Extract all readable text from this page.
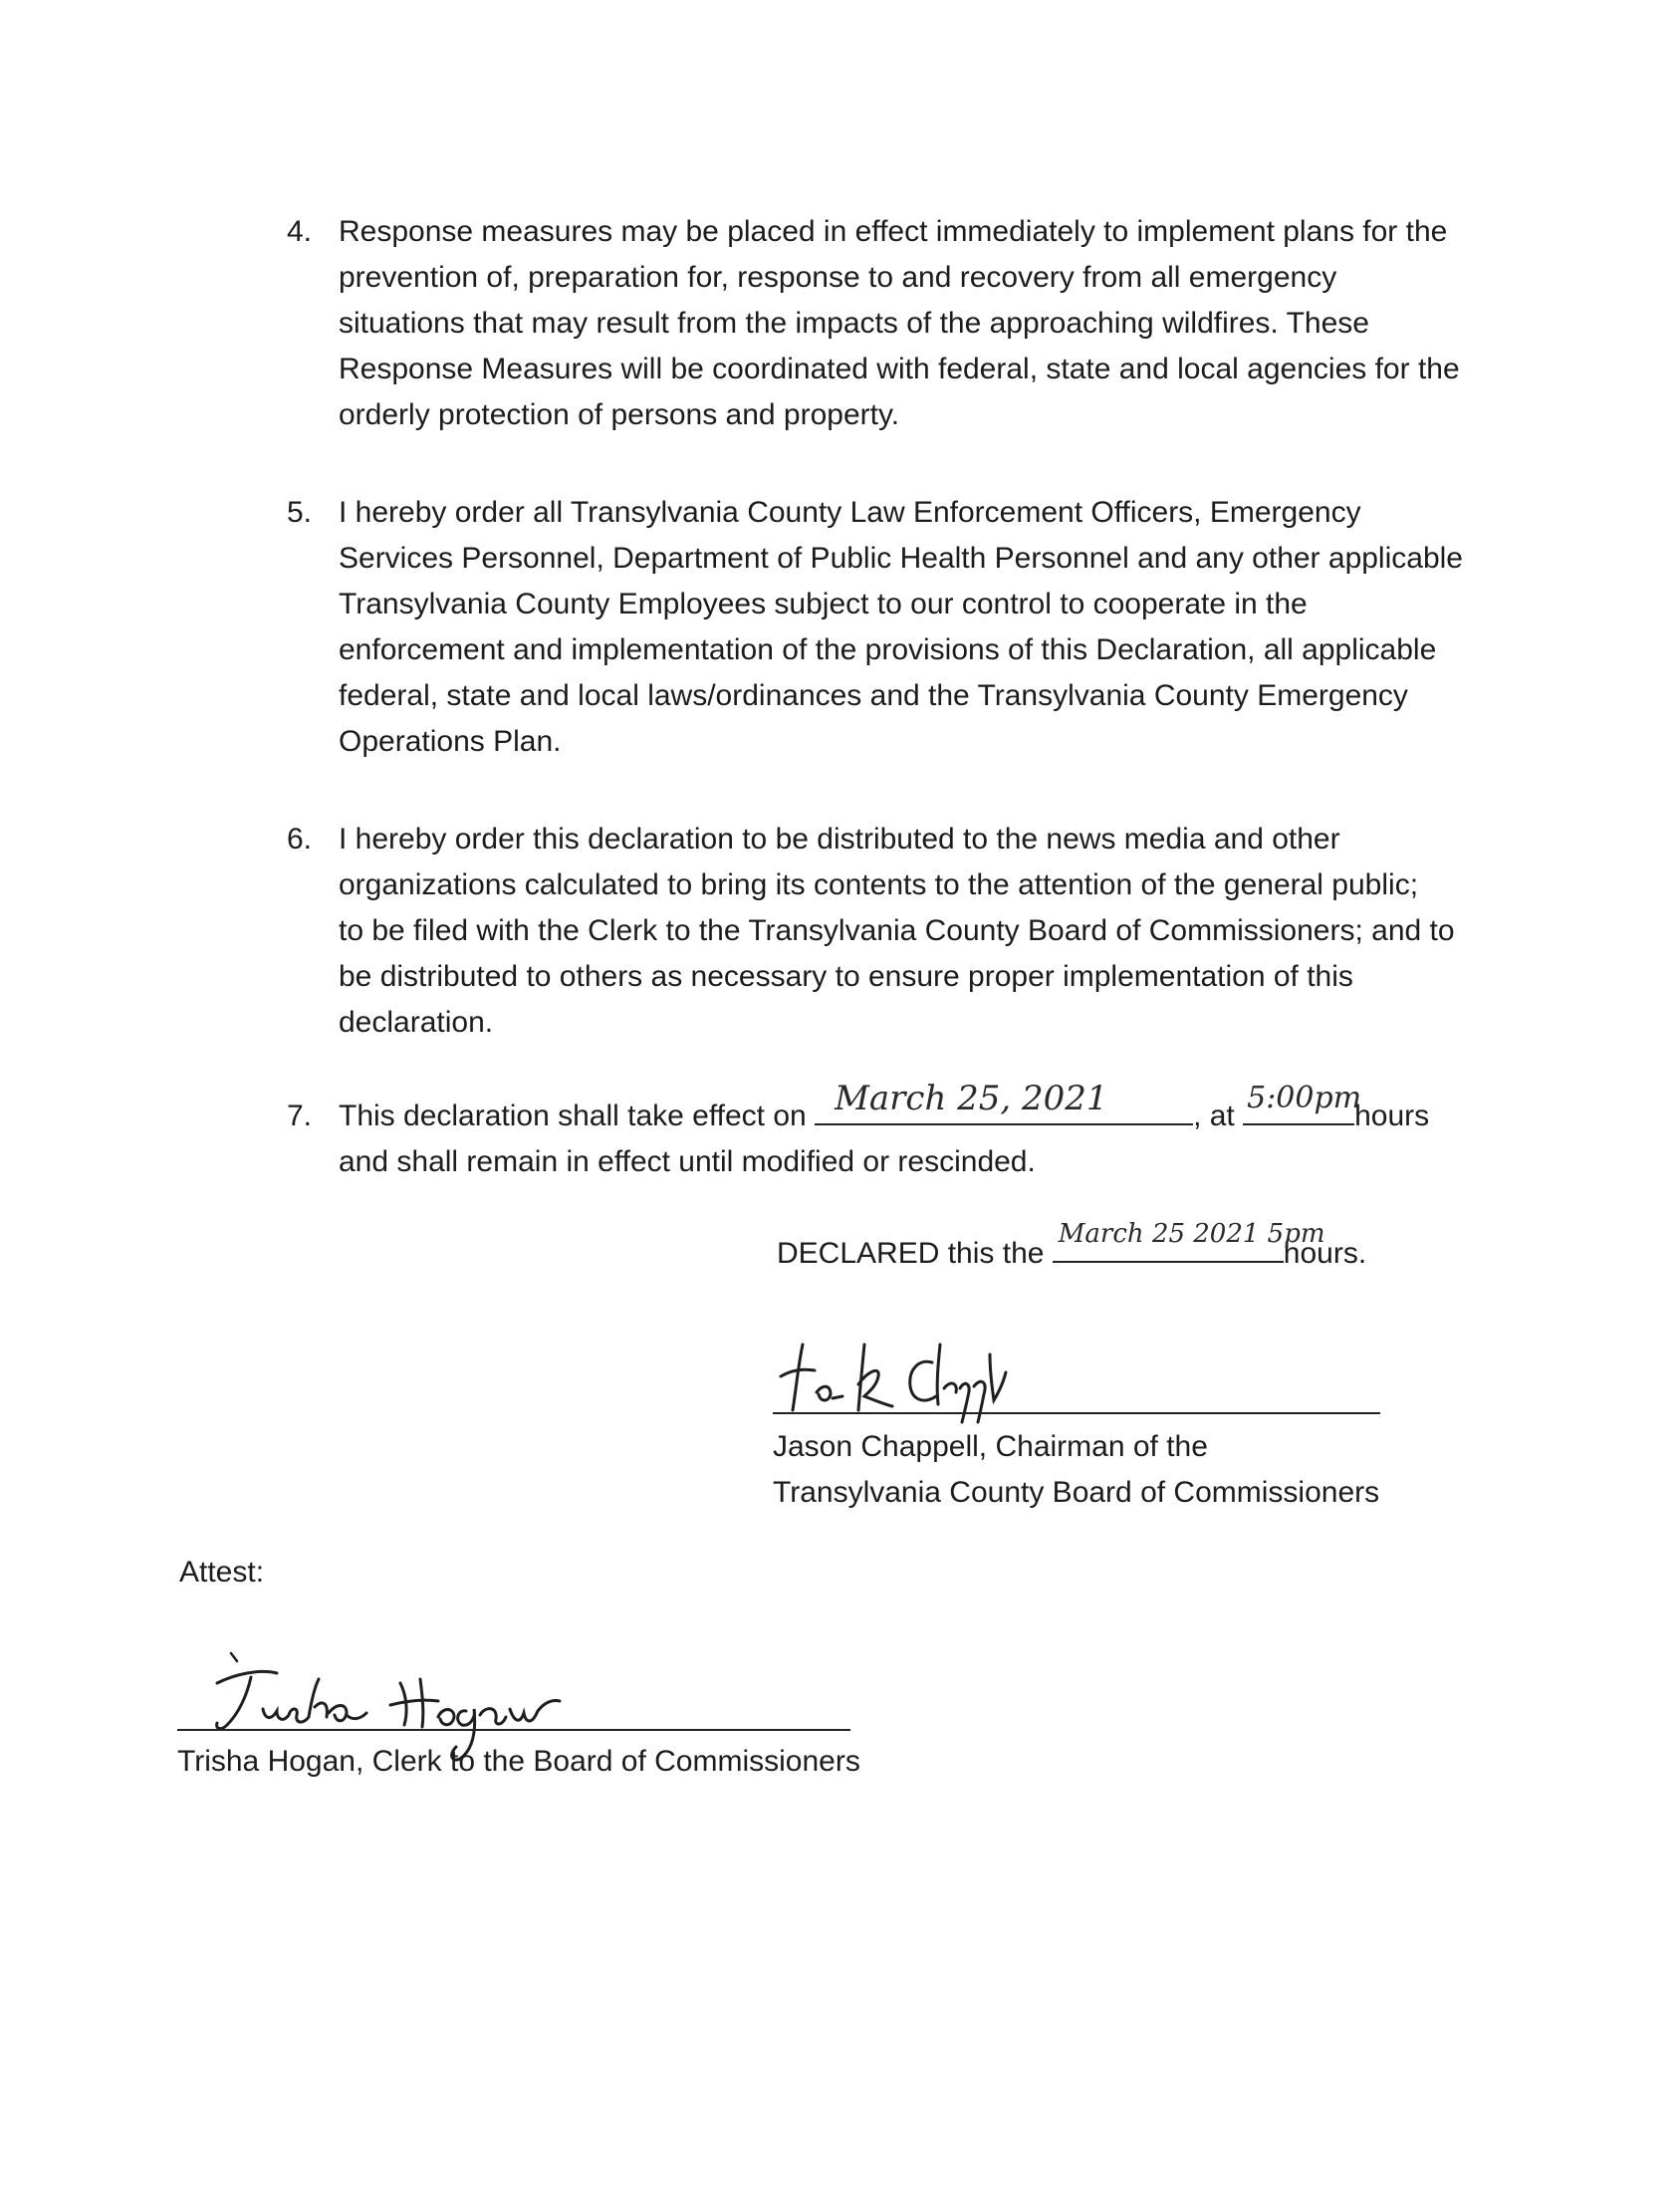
4. Response measures may be placed in effect immediately to implement plans for the
prevention of, preparation for, response to and recovery from all emergency
situations that may result from the impacts of the approaching wildfires. These
Response Measures will be coordinated with federal, state and local agencies for the
orderly protection of persons and property.
5. I hereby order all Transylvania County Law Enforcement Officers, Emergency
Services Personnel, Department of Public Health Personnel and any other applicable
Transylvania County Employees subject to our control to cooperate in the
enforcement and implementation of the provisions of this Declaration, all applicable
federal, state and local laws/ordinances and the Transylvania County Emergency
Operations Plan.
6. I hereby order this declaration to be distributed to the news media and other
organizations calculated to bring its contents to the attention of the general public;
to be filed with the Clerk to the Transylvania County Board of Commissioners; and to
be distributed to others as necessary to ensure proper implementation of this
declaration.
7. This declaration shall take effect on March 25, 2021	, at
5:00pm
hours
and shall remain in effect until modified or rescinded.
DECLARED this the
March 25 2021 5pm
hours.
Jason Chappell, Chairman of the
Transylvania County Board of Commissioners
Attest:
Trisha Hogan, Clerk to the Board of Commissioners
